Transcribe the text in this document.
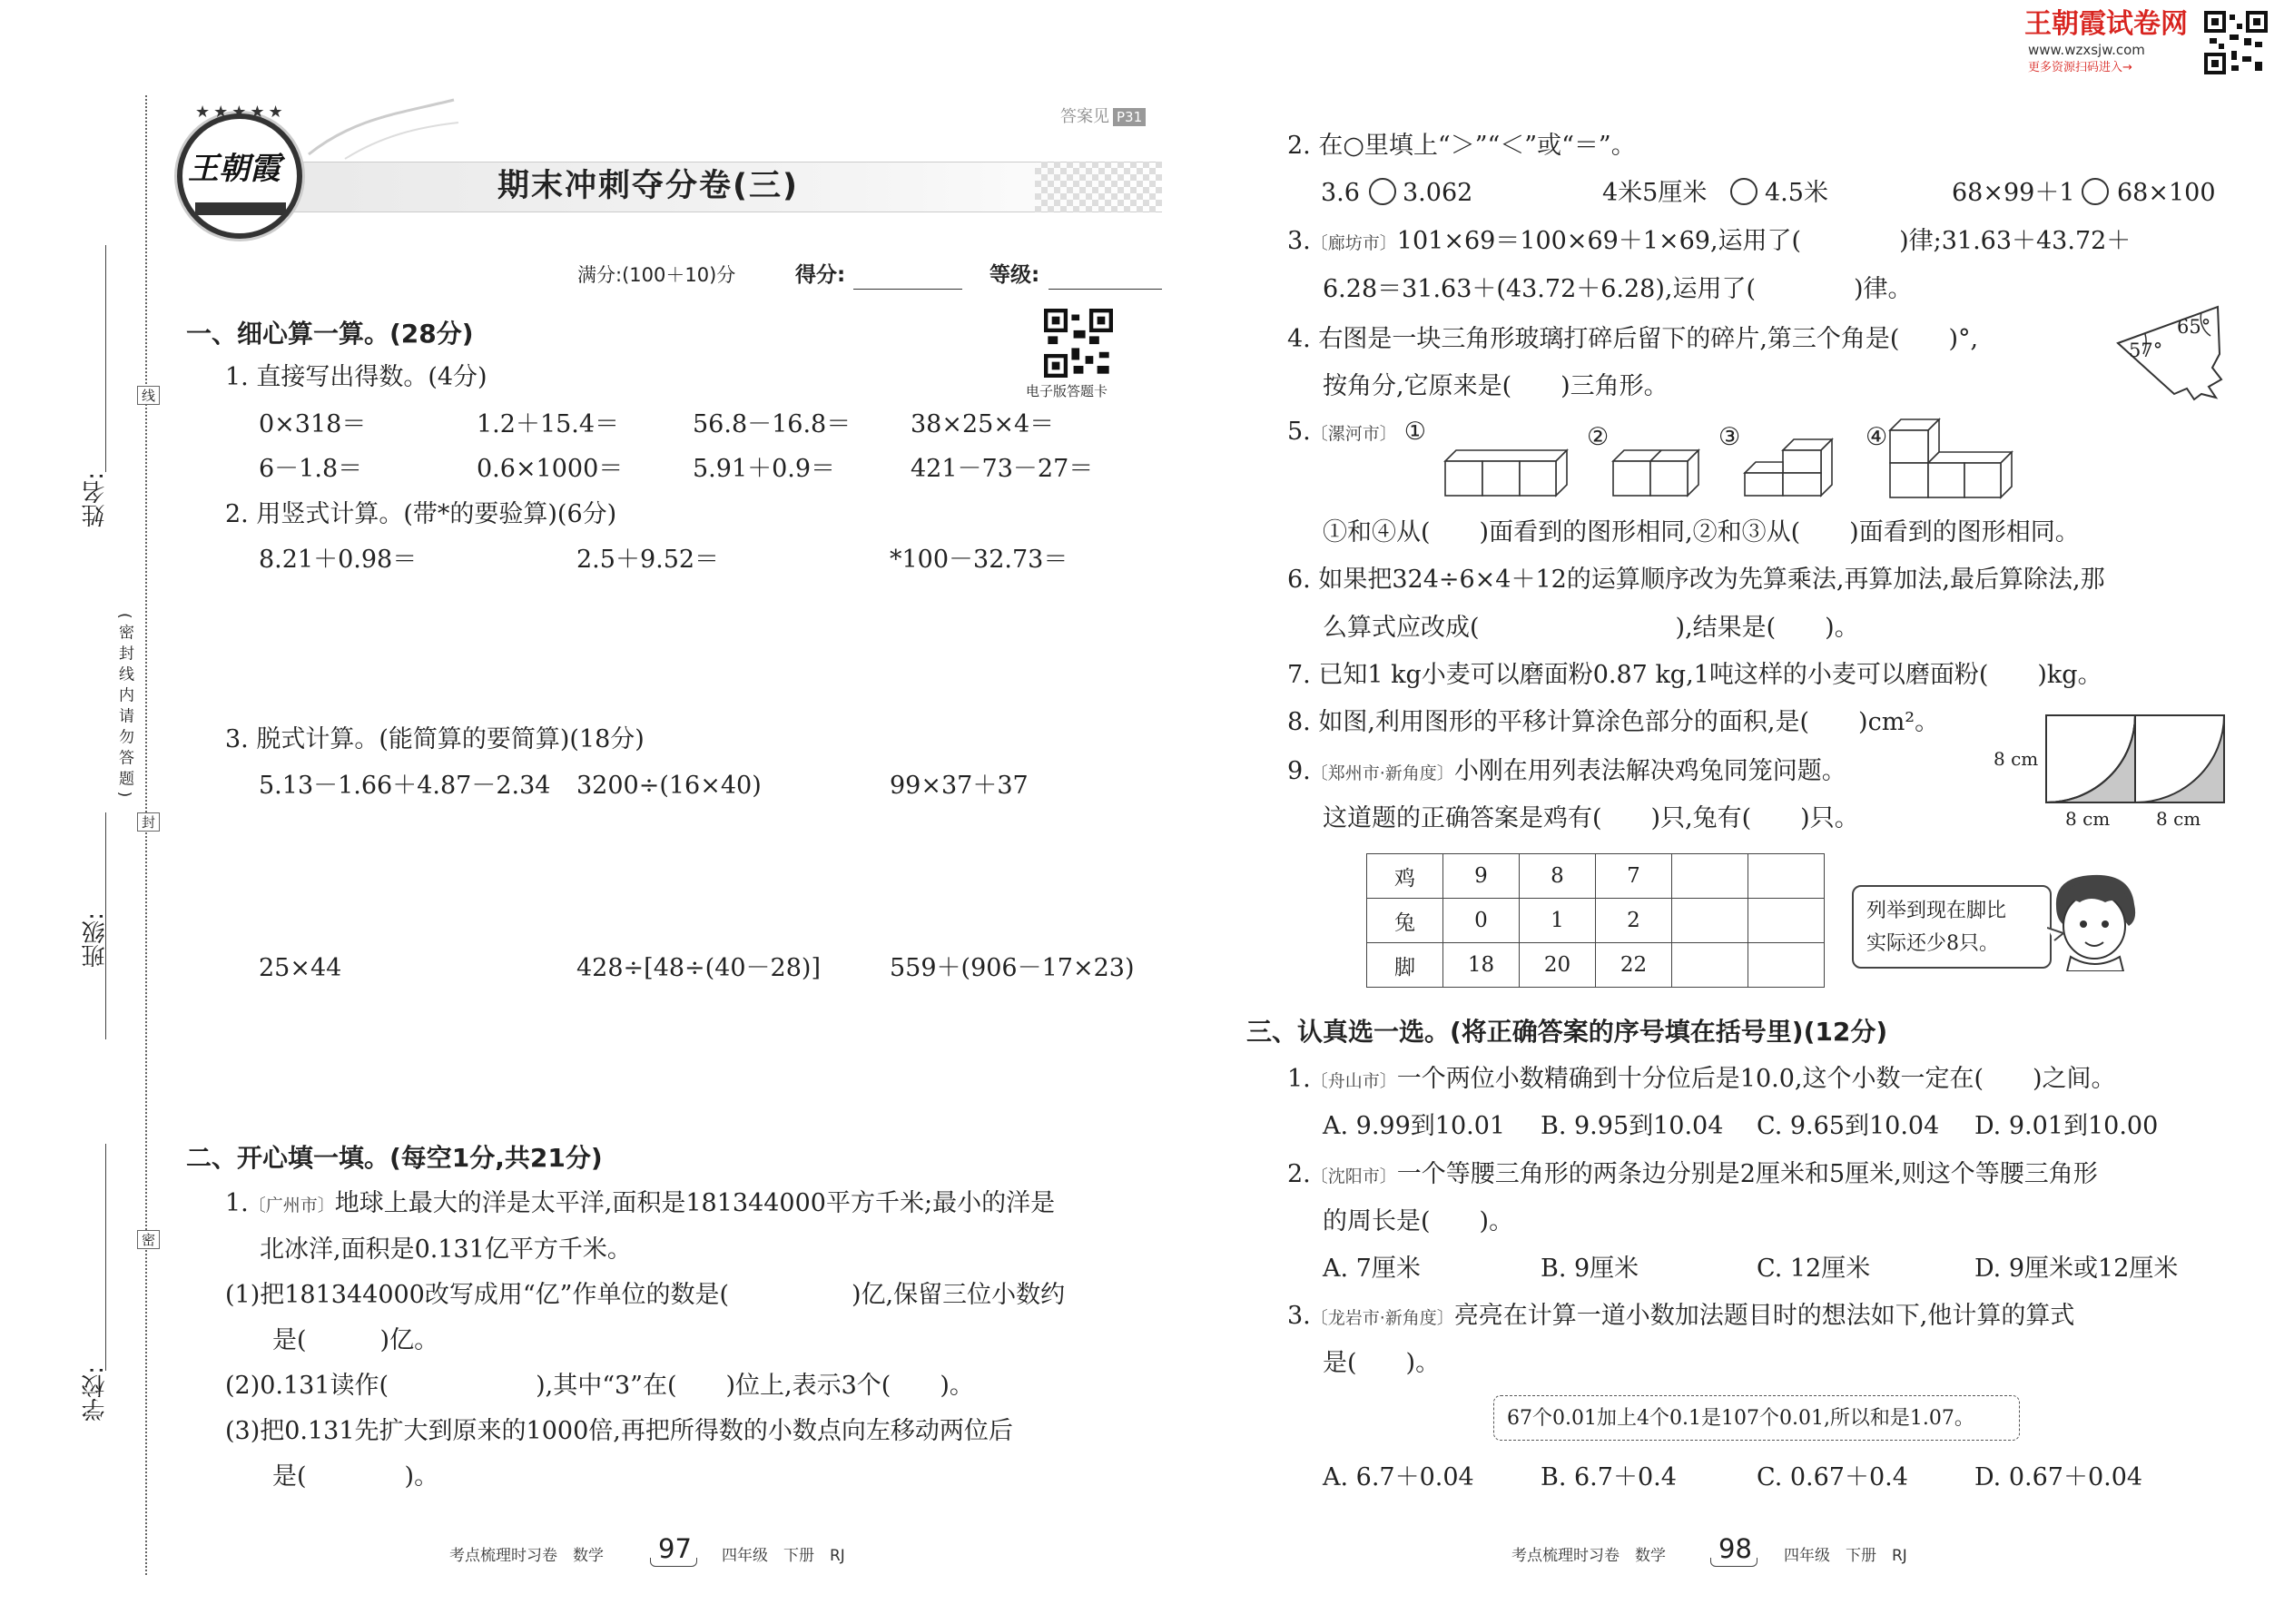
王朝霞试卷网
www.wzxsjw.com
更多资源扫码进入→
姓名:
班级:
学校:
线
封
密
(密封线内请勿答题)
答案见 P31
★★★★★
王朝霞	期末冲刺夺分卷(三)
满分:(100＋10)分	得分:	等级:
电子版答题卡
一、细心算一算。(28分)
1. 直接写出得数。(4分)
0×318＝	1.2＋15.4＝	56.8－16.8＝ 38×25×4＝
6－1.8＝	0.6×1000＝	5.91＋0.9＝	421－73－27＝
2. 用竖式计算。(带*的要验算)(6分)
8.21＋0.98＝	2.5＋9.52＝	*100－32.73＝
3. 脱式计算。(能简算的要简算)(18分)
5.13－1.66＋4.87－2.34 3200÷(16×40)	99×37＋37
25×44	428÷[48÷(40－28)]	559＋(906－17×23)
二、开心填一填。(每空1分,共21分)
1.〔广州市〕地球上最大的洋是太平洋,面积是181344000平方千米;最小的洋是
北冰洋,面积是0.131亿平方千米。
(1)把181344000改写成用“亿”作单位的数是(　　　　　)亿,保留三位小数约
是(　　　)亿。
(2)0.131读作(　　　　　　),其中“3”在(　　)位上,表示3个(　　)。
(3)把0.131先扩大到原来的1000倍,再把所得数的小数点向左移动两位后
是(　　　　)。
考点梳理时习卷　数学 97 四年级　下册　RJ
2. 在○里填上“＞”“＜”或“＝”。
3.6 3.062	4米5厘米 4.5米	68×99＋1 68×100
3.〔廊坊市〕101×69＝100×69＋1×69,运用了(　　　　)律;31.63＋43.72＋
6.28＝31.63＋(43.72＋6.28),运用了(　　　　)律。
4. 右图是一块三角形玻璃打碎后留下的碎片,第三个角是(　　)°,
按角分,它原来是(　　)三角形。
65°
57°
5.〔漯河市〕 ①	②	③	④
①和④从(　　)面看到的图形相同,②和③从(　　)面看到的图形相同。
6. 如果把324÷6×4＋12的运算顺序改为先算乘法,再算加法,最后算除法,那
么算式应改成(　　　　　　　　),结果是(　　)。
7. 已知1 kg小麦可以磨面粉0.87 kg,1吨这样的小麦可以磨面粉(　　)kg。
8. 如图,利用图形的平移计算涂色部分的面积,是(　　)cm²。
8 cm
8 cm	8 cm
9.〔郑州市·新角度〕小刚在用列表法解决鸡兔同笼问题。
这道题的正确答案是鸡有(　　)只,兔有(　　)只。
鸡	9	8	7		
兔	0	1	2		
脚	18	20	22		
列举到现在脚比
实际还少8只。
三、认真选一选。(将正确答案的序号填在括号里)(12分)
1.〔舟山市〕一个两位小数精确到十分位后是10.0,这个小数一定在(　　)之间。
A. 9.99到10.01 B. 9.95到10.04 C. 9.65到10.04 D. 9.01到10.00
2.〔沈阳市〕一个等腰三角形的两条边分别是2厘米和5厘米,则这个等腰三角形
的周长是(　　)。
A. 7厘米	B. 9厘米	C. 12厘米	D. 9厘米或12厘米
3.〔龙岩市·新角度〕亮亮在计算一道小数加法题目时的想法如下,他计算的算式
是(　　)。
67个0.01加上4个0.1是107个0.01,所以和是1.07。
A. 6.7＋0.04	B. 6.7＋0.4	C. 0.67＋0.4	D. 0.67＋0.04
考点梳理时习卷　数学 98 四年级　下册　RJ
